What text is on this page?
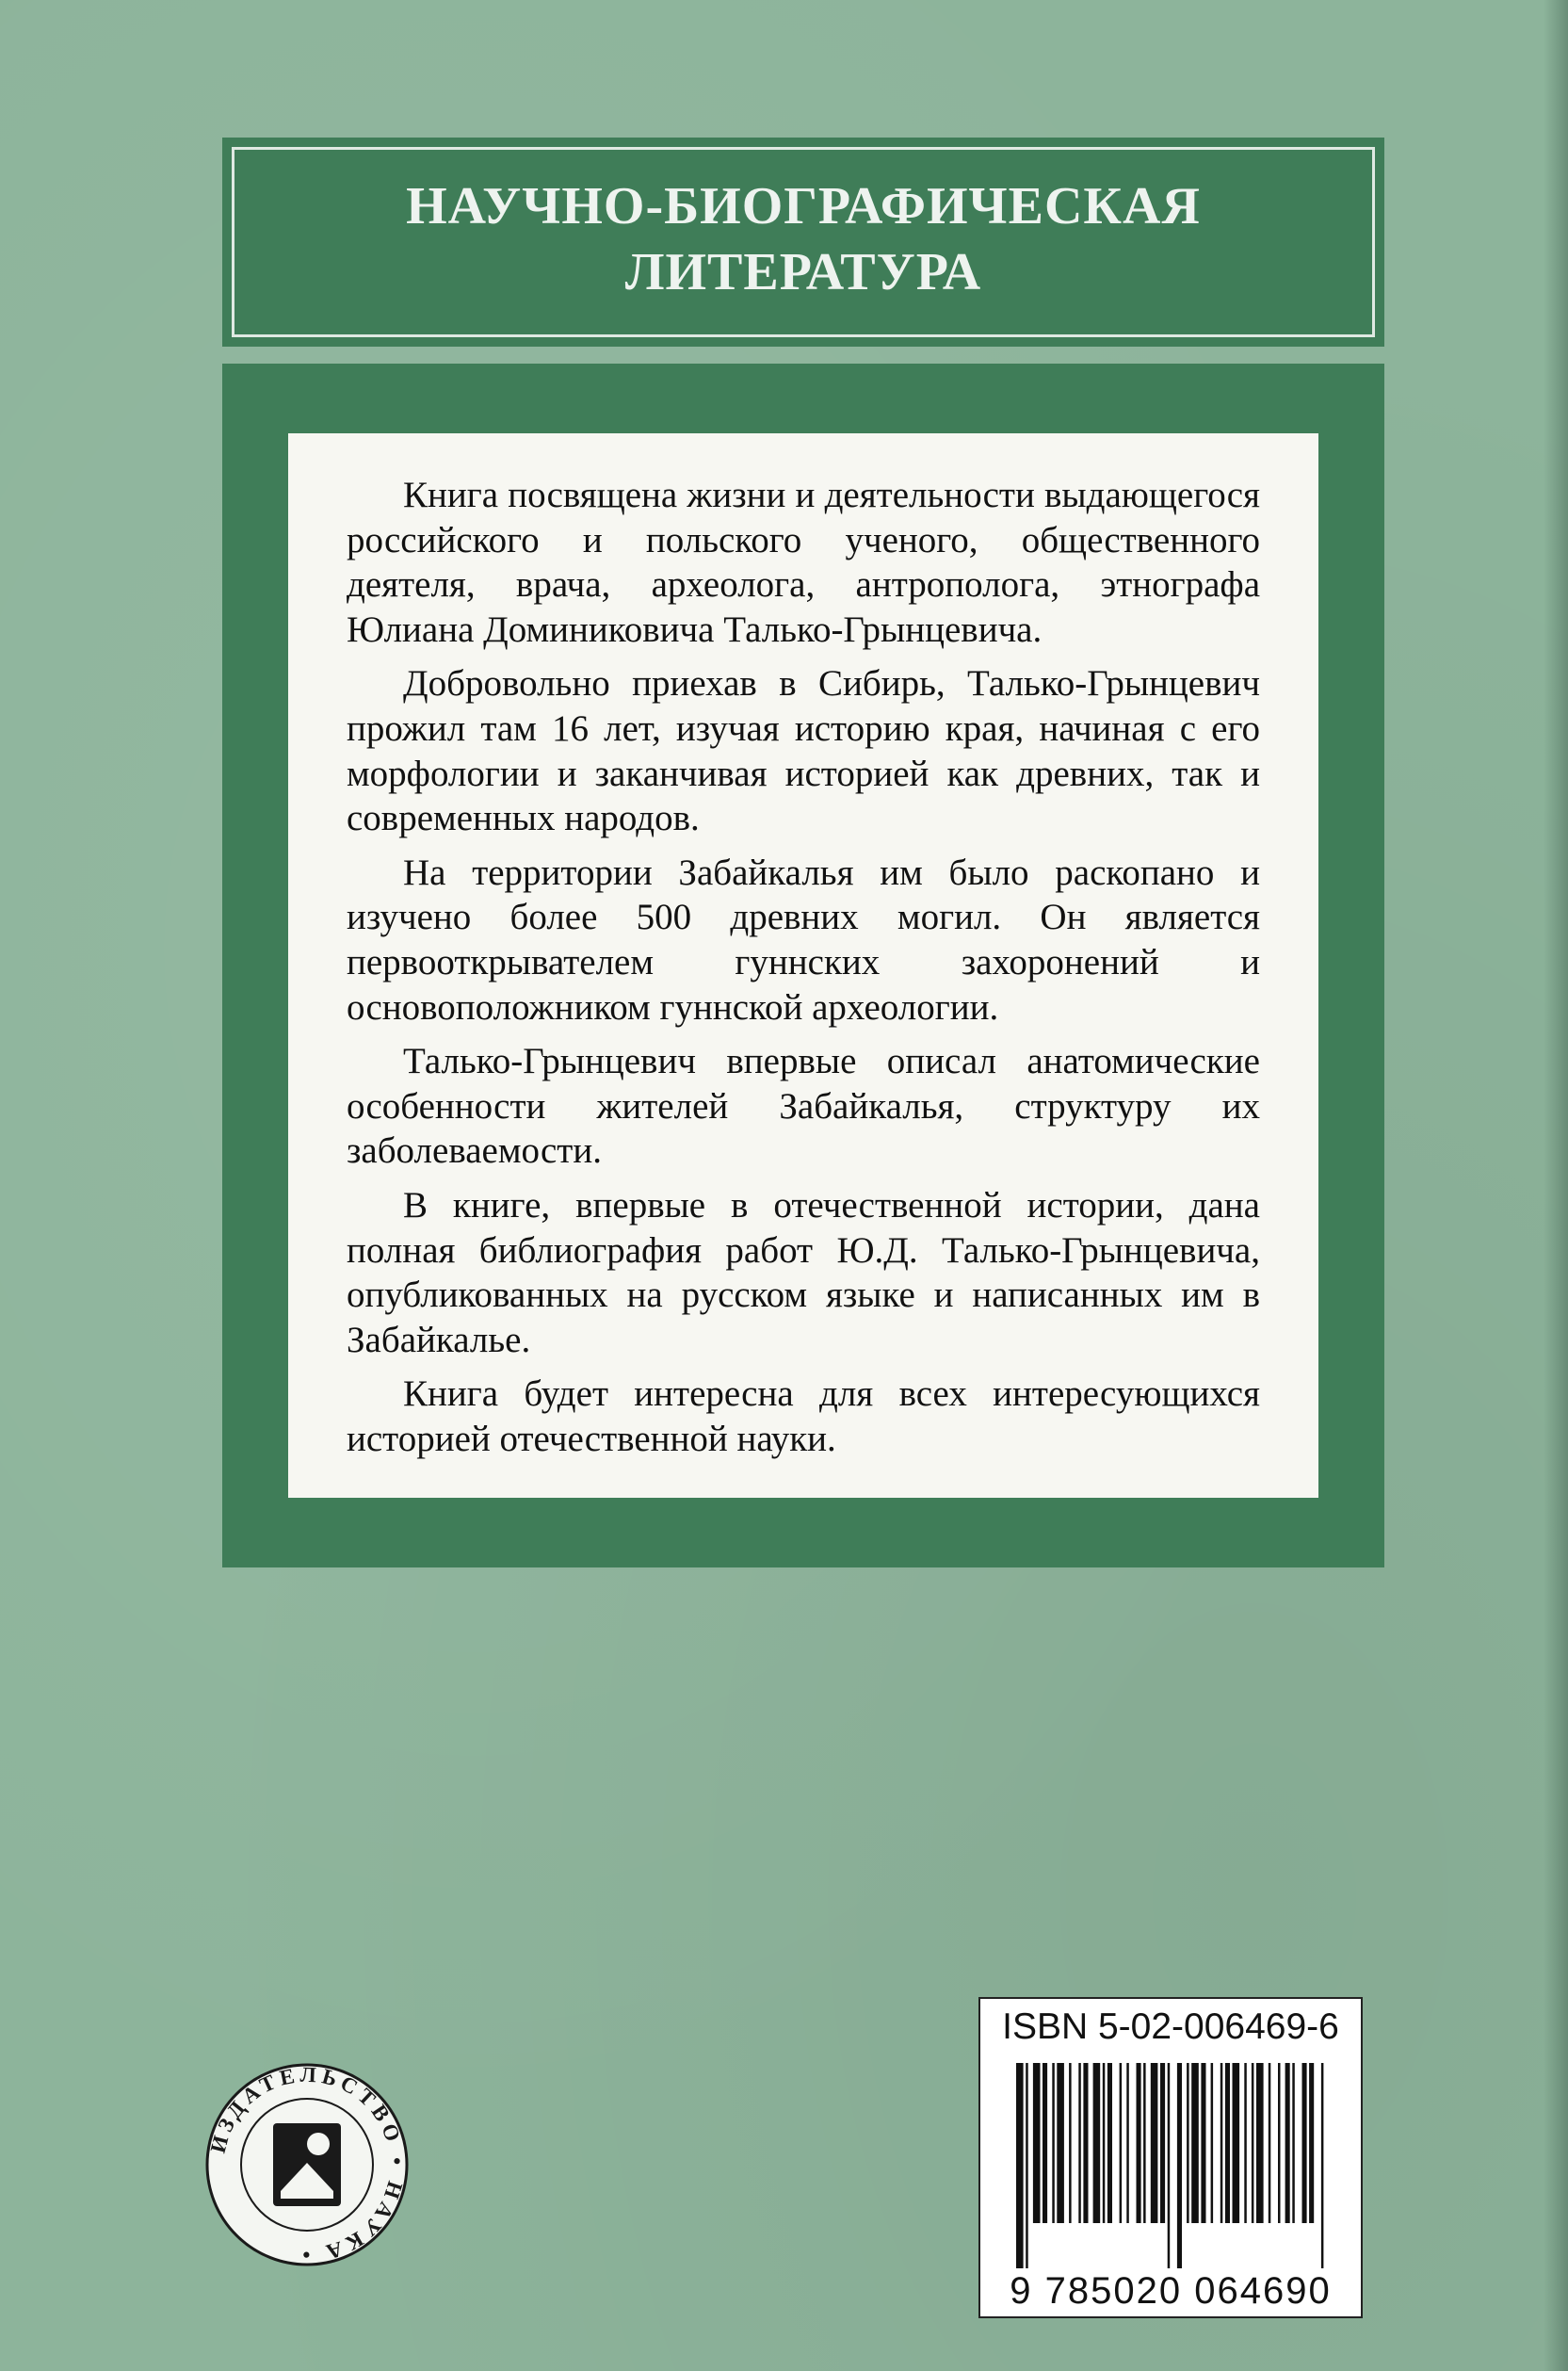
НАУЧНО-БИОГРАФИЧЕСКАЯ
ЛИТЕРАТУРА

Книга посвящена жизни и деятельности выдающегося российского и польского ученого, общественного деятеля, врача, археолога, антрополога, этнографа Юлиана Доминиковича Талько-Грынцевича.

Добровольно приехав в Сибирь, Талько-Грынцевич прожил там 16 лет, изучая историю края, начиная с его морфологии и заканчивая историей как древних, так и современных народов.

На территории Забайкалья им было раскопано и изучено более 500 древних могил. Он является первооткрывателем гуннских захоронений и основоположником гуннской археологии.

Талько-Грынцевич впервые описал анатомические особенности жителей Забайкалья, структуру их заболеваемости.

В книге, впервые в отечественной истории, дана полная библиография работ Ю.Д. Талько-Грынцевича, опубликованных на русском языке и написанных им в Забайкалье.

Книга будет интересна для всех интересующихся историей отечественной науки.

ИЗДАТЕЛЬСТВО • НАУКА •
ISBN 5-02-006469-6
9 785020 064690
